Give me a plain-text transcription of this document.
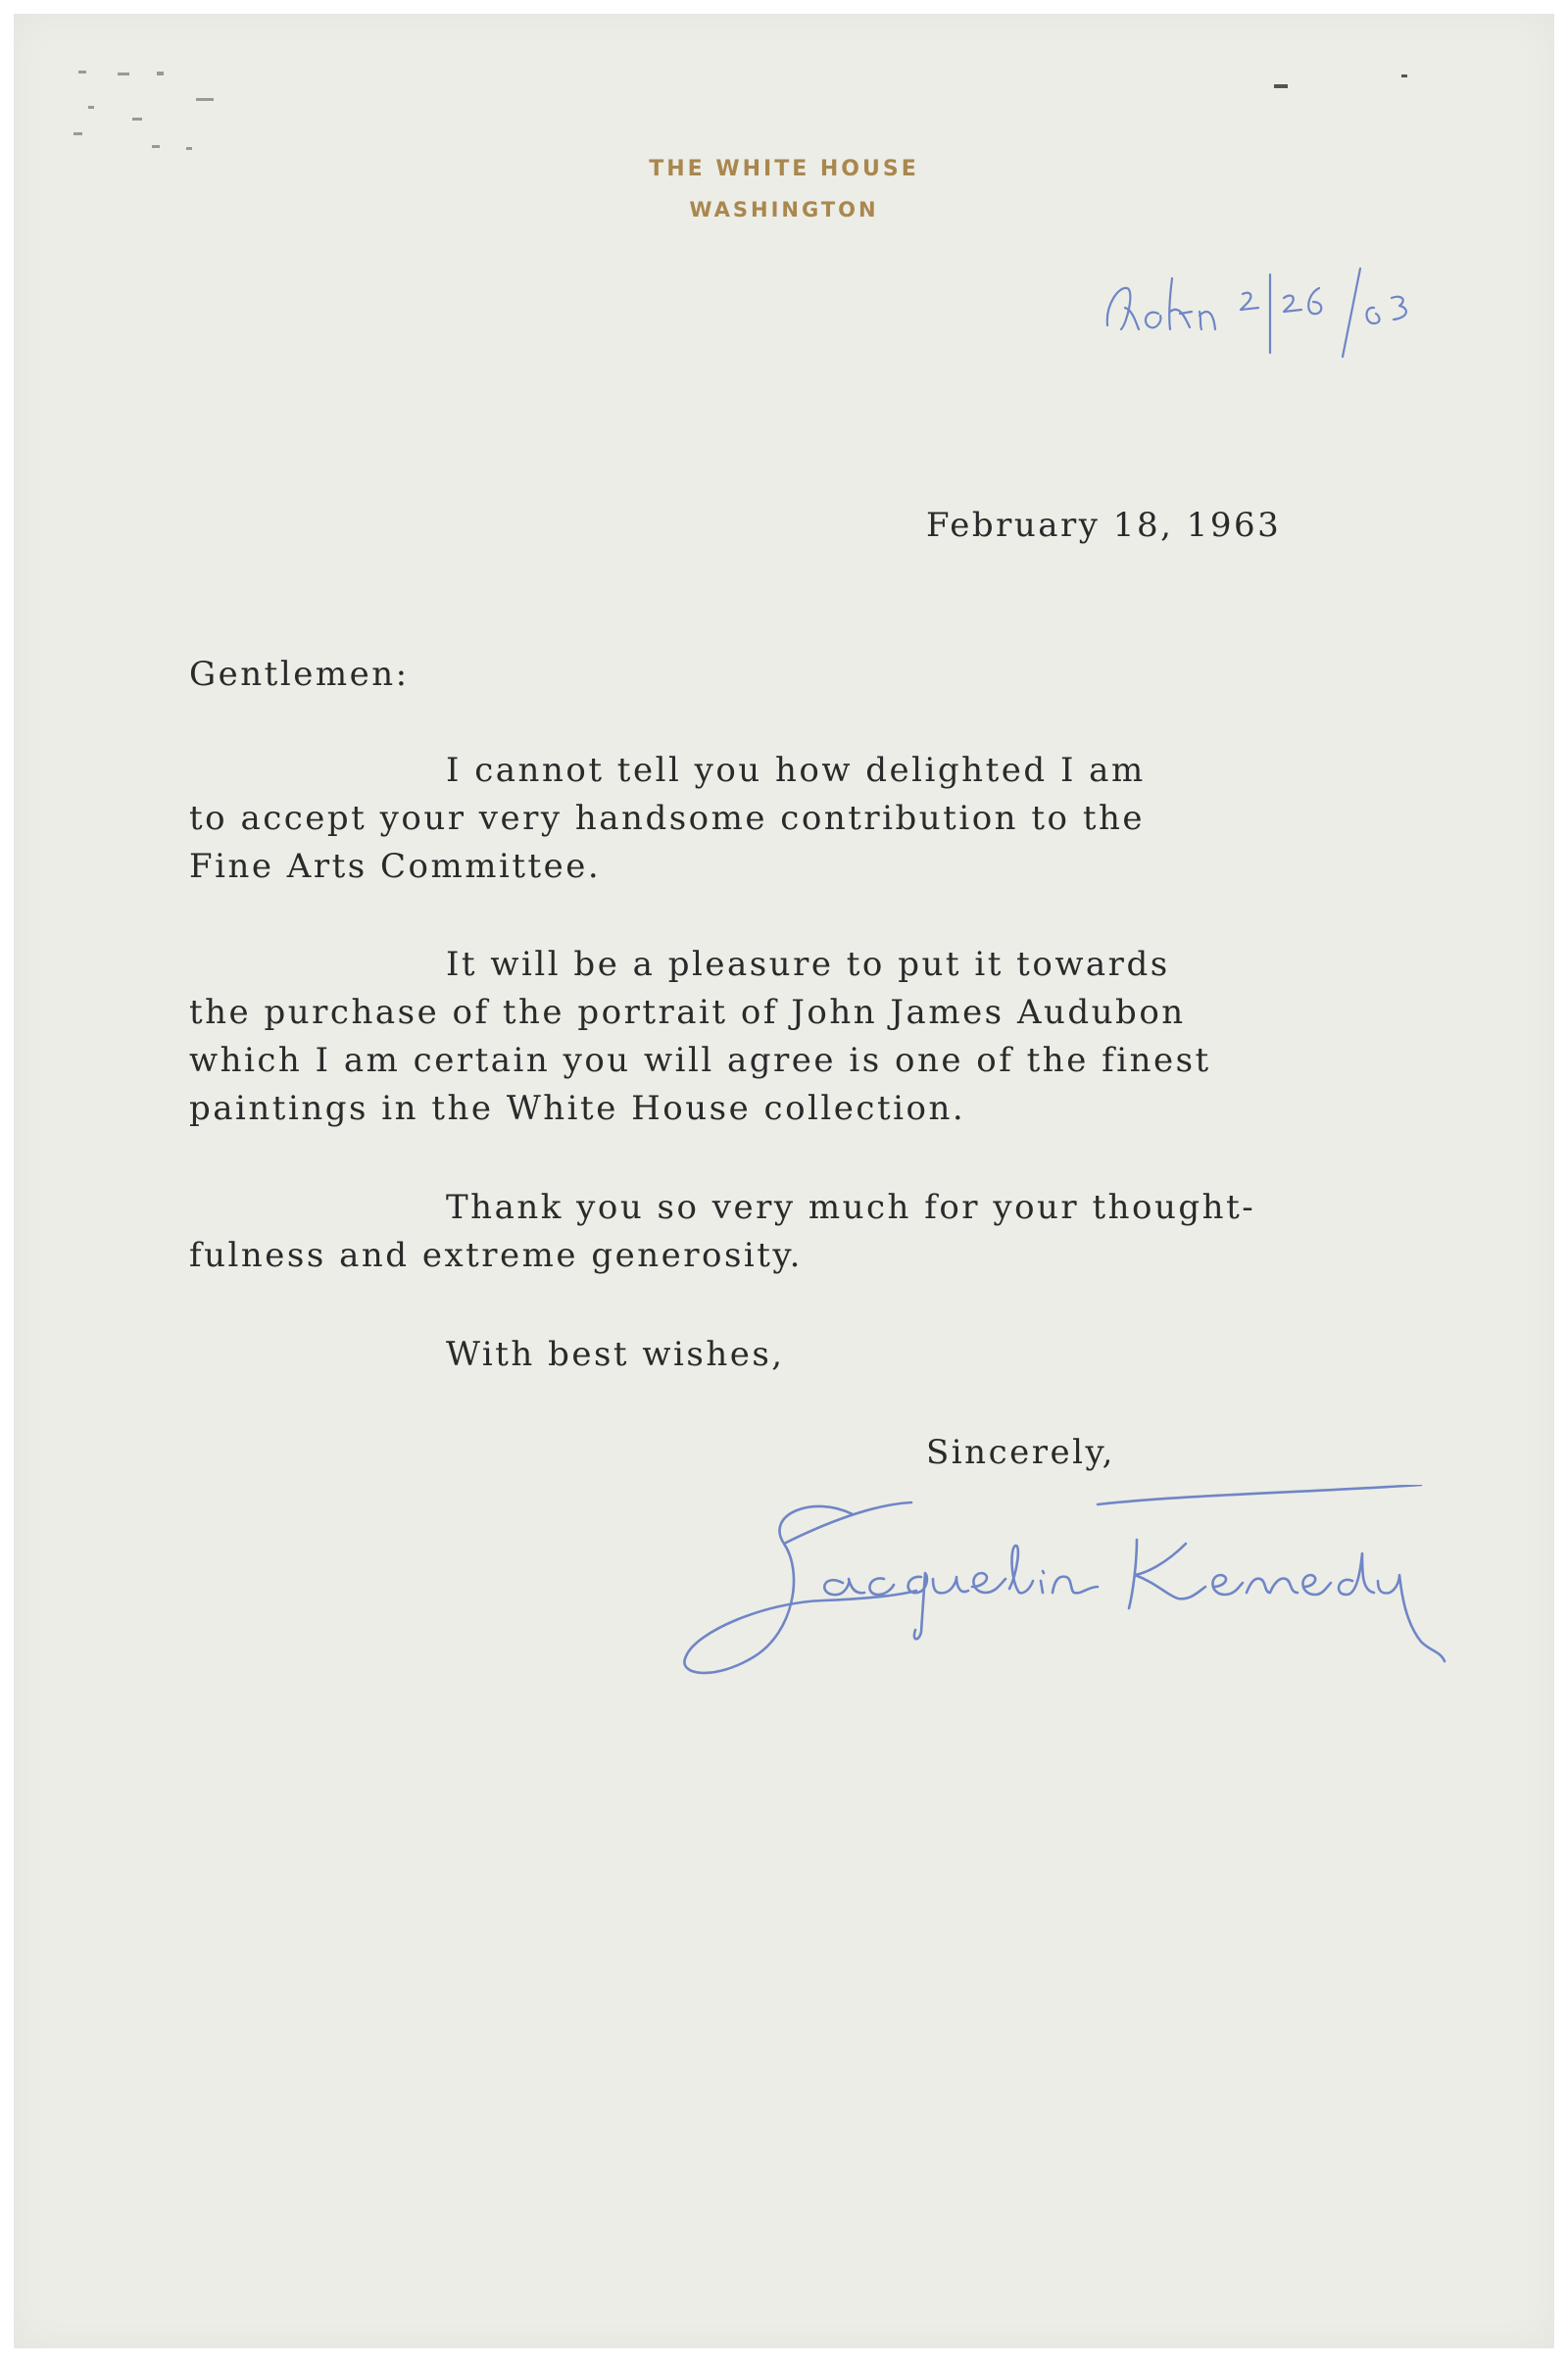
THE WHITE HOUSE
WASHINGTON

February 18, 1963

Gentlemen:

I cannot tell you how delighted I am

to accept your very handsome contribution to the

Fine Arts Committee.

It will be a pleasure to put it towards

the purchase of the portrait of John James Audubon

which I am certain you will agree is one of the finest

paintings in the White House collection.

Thank you so very much for your thought-

fulness and extreme generosity.

With best wishes,

Sincerely,
